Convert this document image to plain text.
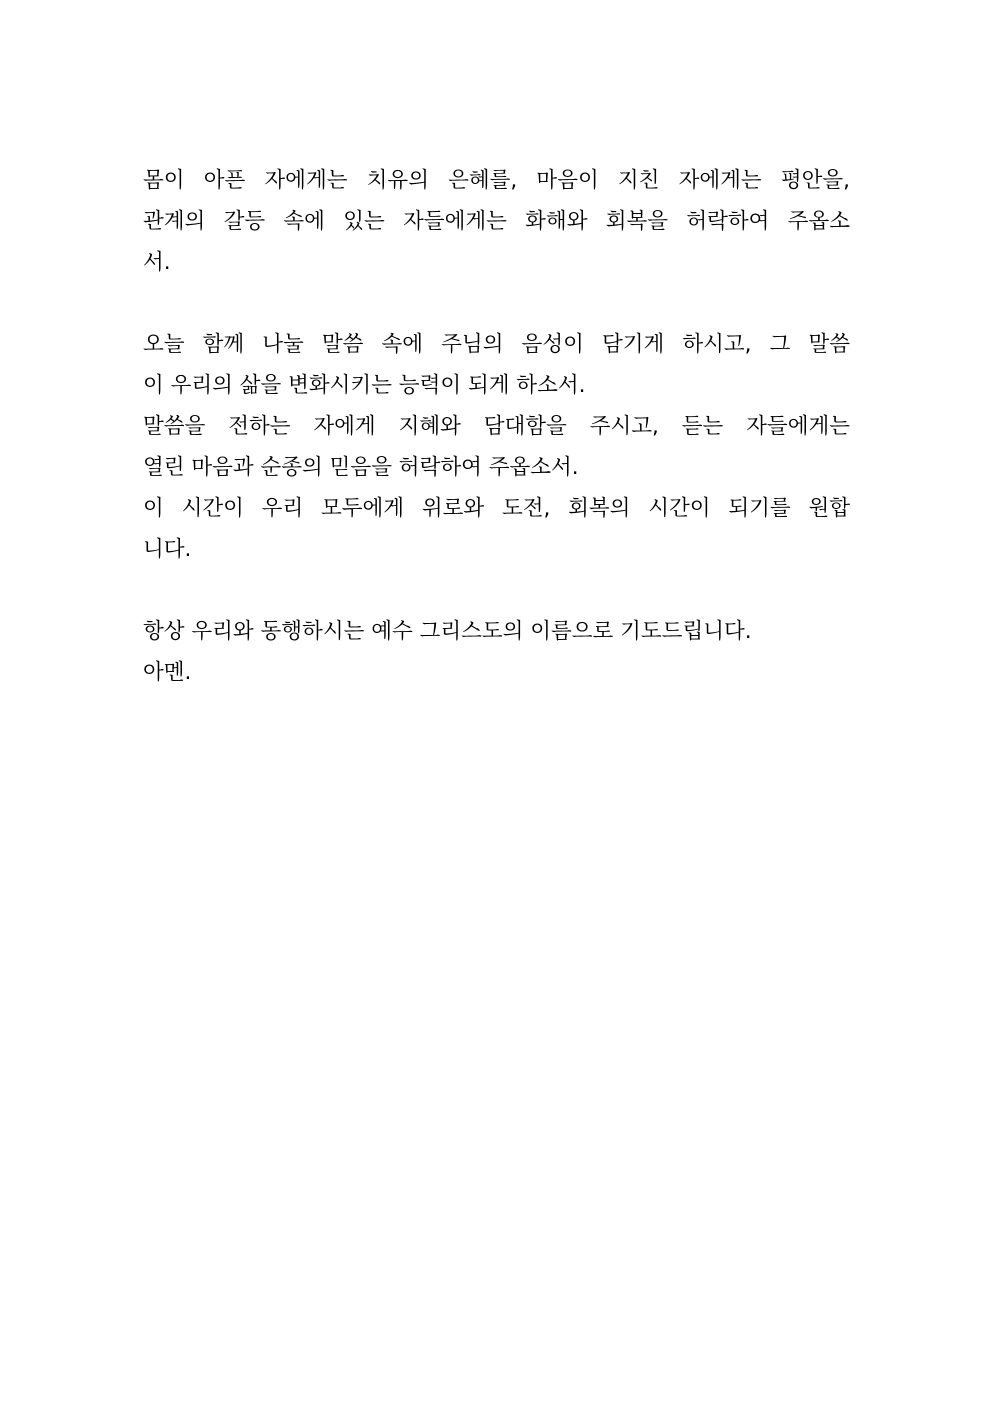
몸이 아픈 자에게는 치유의 은혜를, 마음이 지친 자에게는 평안을,
관계의 갈등 속에 있는 자들에게는 화해와 회복을 허락하여 주옵소
서.
오늘 함께 나눌 말씀 속에 주님의 음성이 담기게 하시고, 그 말씀
이 우리의 삶을 변화시키는 능력이 되게 하소서.
말씀을 전하는 자에게 지혜와 담대함을 주시고, 듣는 자들에게는
열린 마음과 순종의 믿음을 허락하여 주옵소서.
이 시간이 우리 모두에게 위로와 도전, 회복의 시간이 되기를 원합
니다.
항상 우리와 동행하시는 예수 그리스도의 이름으로 기도드립니다.
아멘.
